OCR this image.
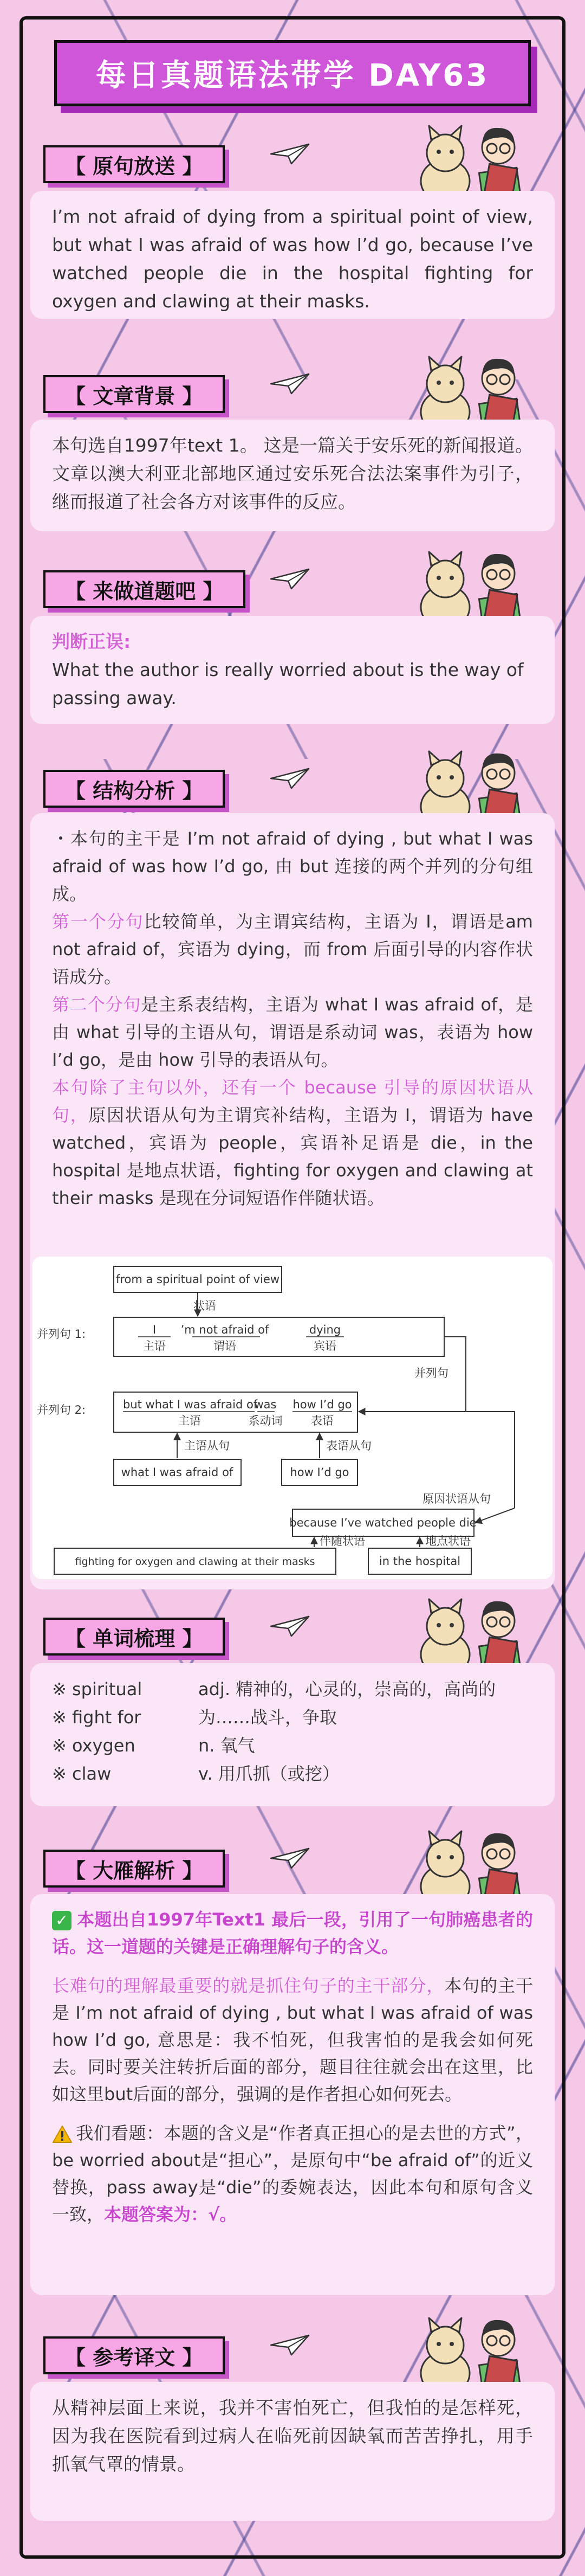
每日真题语法带学 DAY63
【
原句放送
】

I’m not afraid of dying from a spiritual point of view, but what I was afraid of was how I’d go, because I’ve watched people die in the hospital fighting for oxygen and clawing at their masks.

【
文章背景
】

本句选自1997年text 1。 这是一篇关于安乐死的新闻报道。文章以澳大利亚北部地区通过安乐死合法法案事件为引子，继而报道了社会各方对该事件的反应。

【
来做道题吧
】

判断正误:

What the author is really worried about is the way of passing away.

【
结构分析
】

・本句的主干是 I’m not afraid of dying , but what I was afraid of was how I’d go, 由 but 连接的两个并列的分句组成。

第一个分句比较简单，为主谓宾结构，主语为 I，谓语是am not afraid of，宾语为 dying，而 from 后面引导的内容作状语成分。

第二个分句是主系表结构，主语为 what I was afraid of，是由 what 引导的主语从句，谓语是系动词 was，表语为 how I’d go，是由 how 引导的表语从句。

本句除了主句以外，还有一个 because 引导的原因状语从句，原因状语从句为主谓宾补结构，主语为 I，谓语为 have watched，宾语为 people，宾语补足语是 die，in the hospital 是地点状语，fighting for oxygen and clawing at their masks 是现在分词短语作伴随状语。

from a spiritual point of view
状语
并列句 1:
并列句 2:
I ’m not afraid of	dying
主语	谓语	宾语
并列句
but what I was afraid of
was how I’d go
主语	系动词	表语
主语从句	表语从句
what I was afraid of	how I’d go
原因状语从句
because I’ve watched people die
伴随状语	地点状语
fighting for oxygen and clawing at their masks	in the hospital
【
单词梳理
】
※ spiritual	adj. 精神的，心灵的，崇高的，高尚的
※ fight for	为……战斗，争取
※ oxygen	n. 氧气
※ claw	v. 用爪抓（或挖）
【
大雁解析
】

✓ 本题出自1997年Text1 最后一段，引用了一句肺癌患者的话。这一道题的关键是正确理解句子的含义。

长难句的理解最重要的就是抓住句子的主干部分，本句的主干是 I’m not afraid of dying , but what I was afraid of was how I’d go, 意思是：我不怕死，但我害怕的是我会如何死去。同时要关注转折后面的部分，题目往往就会出在这里，比如这里but后面的部分，强调的是作者担心如何死去。

我们看题：本题的含义是“作者真正担心的是去世的方式”，be worried about是“担心”，是原句中“be afraid of”的近义替换，pass away是“die”的委婉表达，因此本句和原句含义一致，本题答案为：√。

【
参考译文
】

从精神层面上来说，我并不害怕死亡，但我怕的是怎样死，因为我在医院看到过病人在临死前因缺氧而苦苦挣扎，用手抓氧气罩的情景。
